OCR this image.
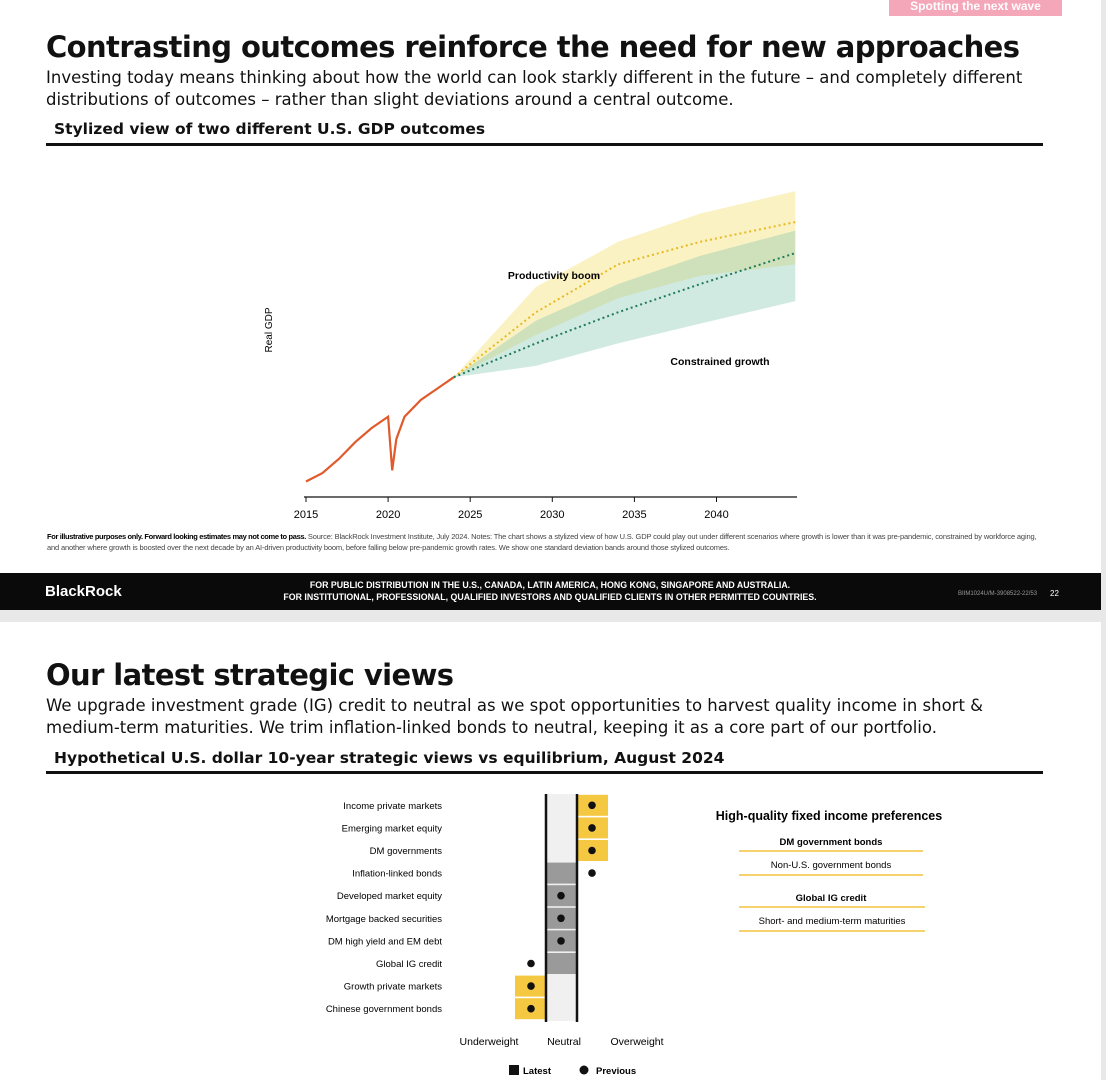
Spotting the next wave
Contrasting outcomes reinforce the need for new approaches

Investing today means thinking about how the world can look starkly different in the future – and completely different
distributions of outcomes – rather than slight deviations around a central outcome.

Stylized view of two different U.S. GDP outcomes
2015	2020	2025	2030	2035	2040
Real GDP
Productivity boom
Constrained growth
For illustrative purposes only. Forward looking estimates may not come to pass. Source: BlackRock Investment Institute, July 2024. Notes: The chart shows a stylized view of how U.S. GDP could play out under different scenarios where growth is lower than it was pre-pandemic, constrained by workforce aging, and another where growth is boosted over the next decade by an AI-driven productivity boom, before falling below pre-pandemic growth rates. We show one standard deviation bands around those stylized outcomes.
BlackRock	FOR PUBLIC DISTRIBUTION IN THE U.S., CANADA, LATIN AMERICA, HONG KONG, SINGAPORE AND AUSTRALIA.
FOR INSTITUTIONAL, PROFESSIONAL, QUALIFIED INVESTORS AND QUALIFIED CLIENTS IN OTHER PERMITTED COUNTRIES.	BIIM1024U/M-3908522-22/53 22
Our latest strategic views

We upgrade investment grade (IG) credit to neutral as we spot opportunities to harvest quality income in short &
medium-term maturities. We trim inflation-linked bonds to neutral, keeping it as a core part of our portfolio.

Hypothetical U.S. dollar 10-year strategic views vs equilibrium, August 2024
Income private markets
Emerging market equity
DM governments
Inflation-linked bonds
Developed market equity
Mortgage backed securities
DM high yield and EM debt
Global IG credit
Growth private markets
Chinese government bonds
Underweight	Neutral	Overweight
Latest	Previous
High-quality fixed income preferences
DM government bonds
Non-U.S. government bonds
Global IG credit
Short- and medium-term maturities
